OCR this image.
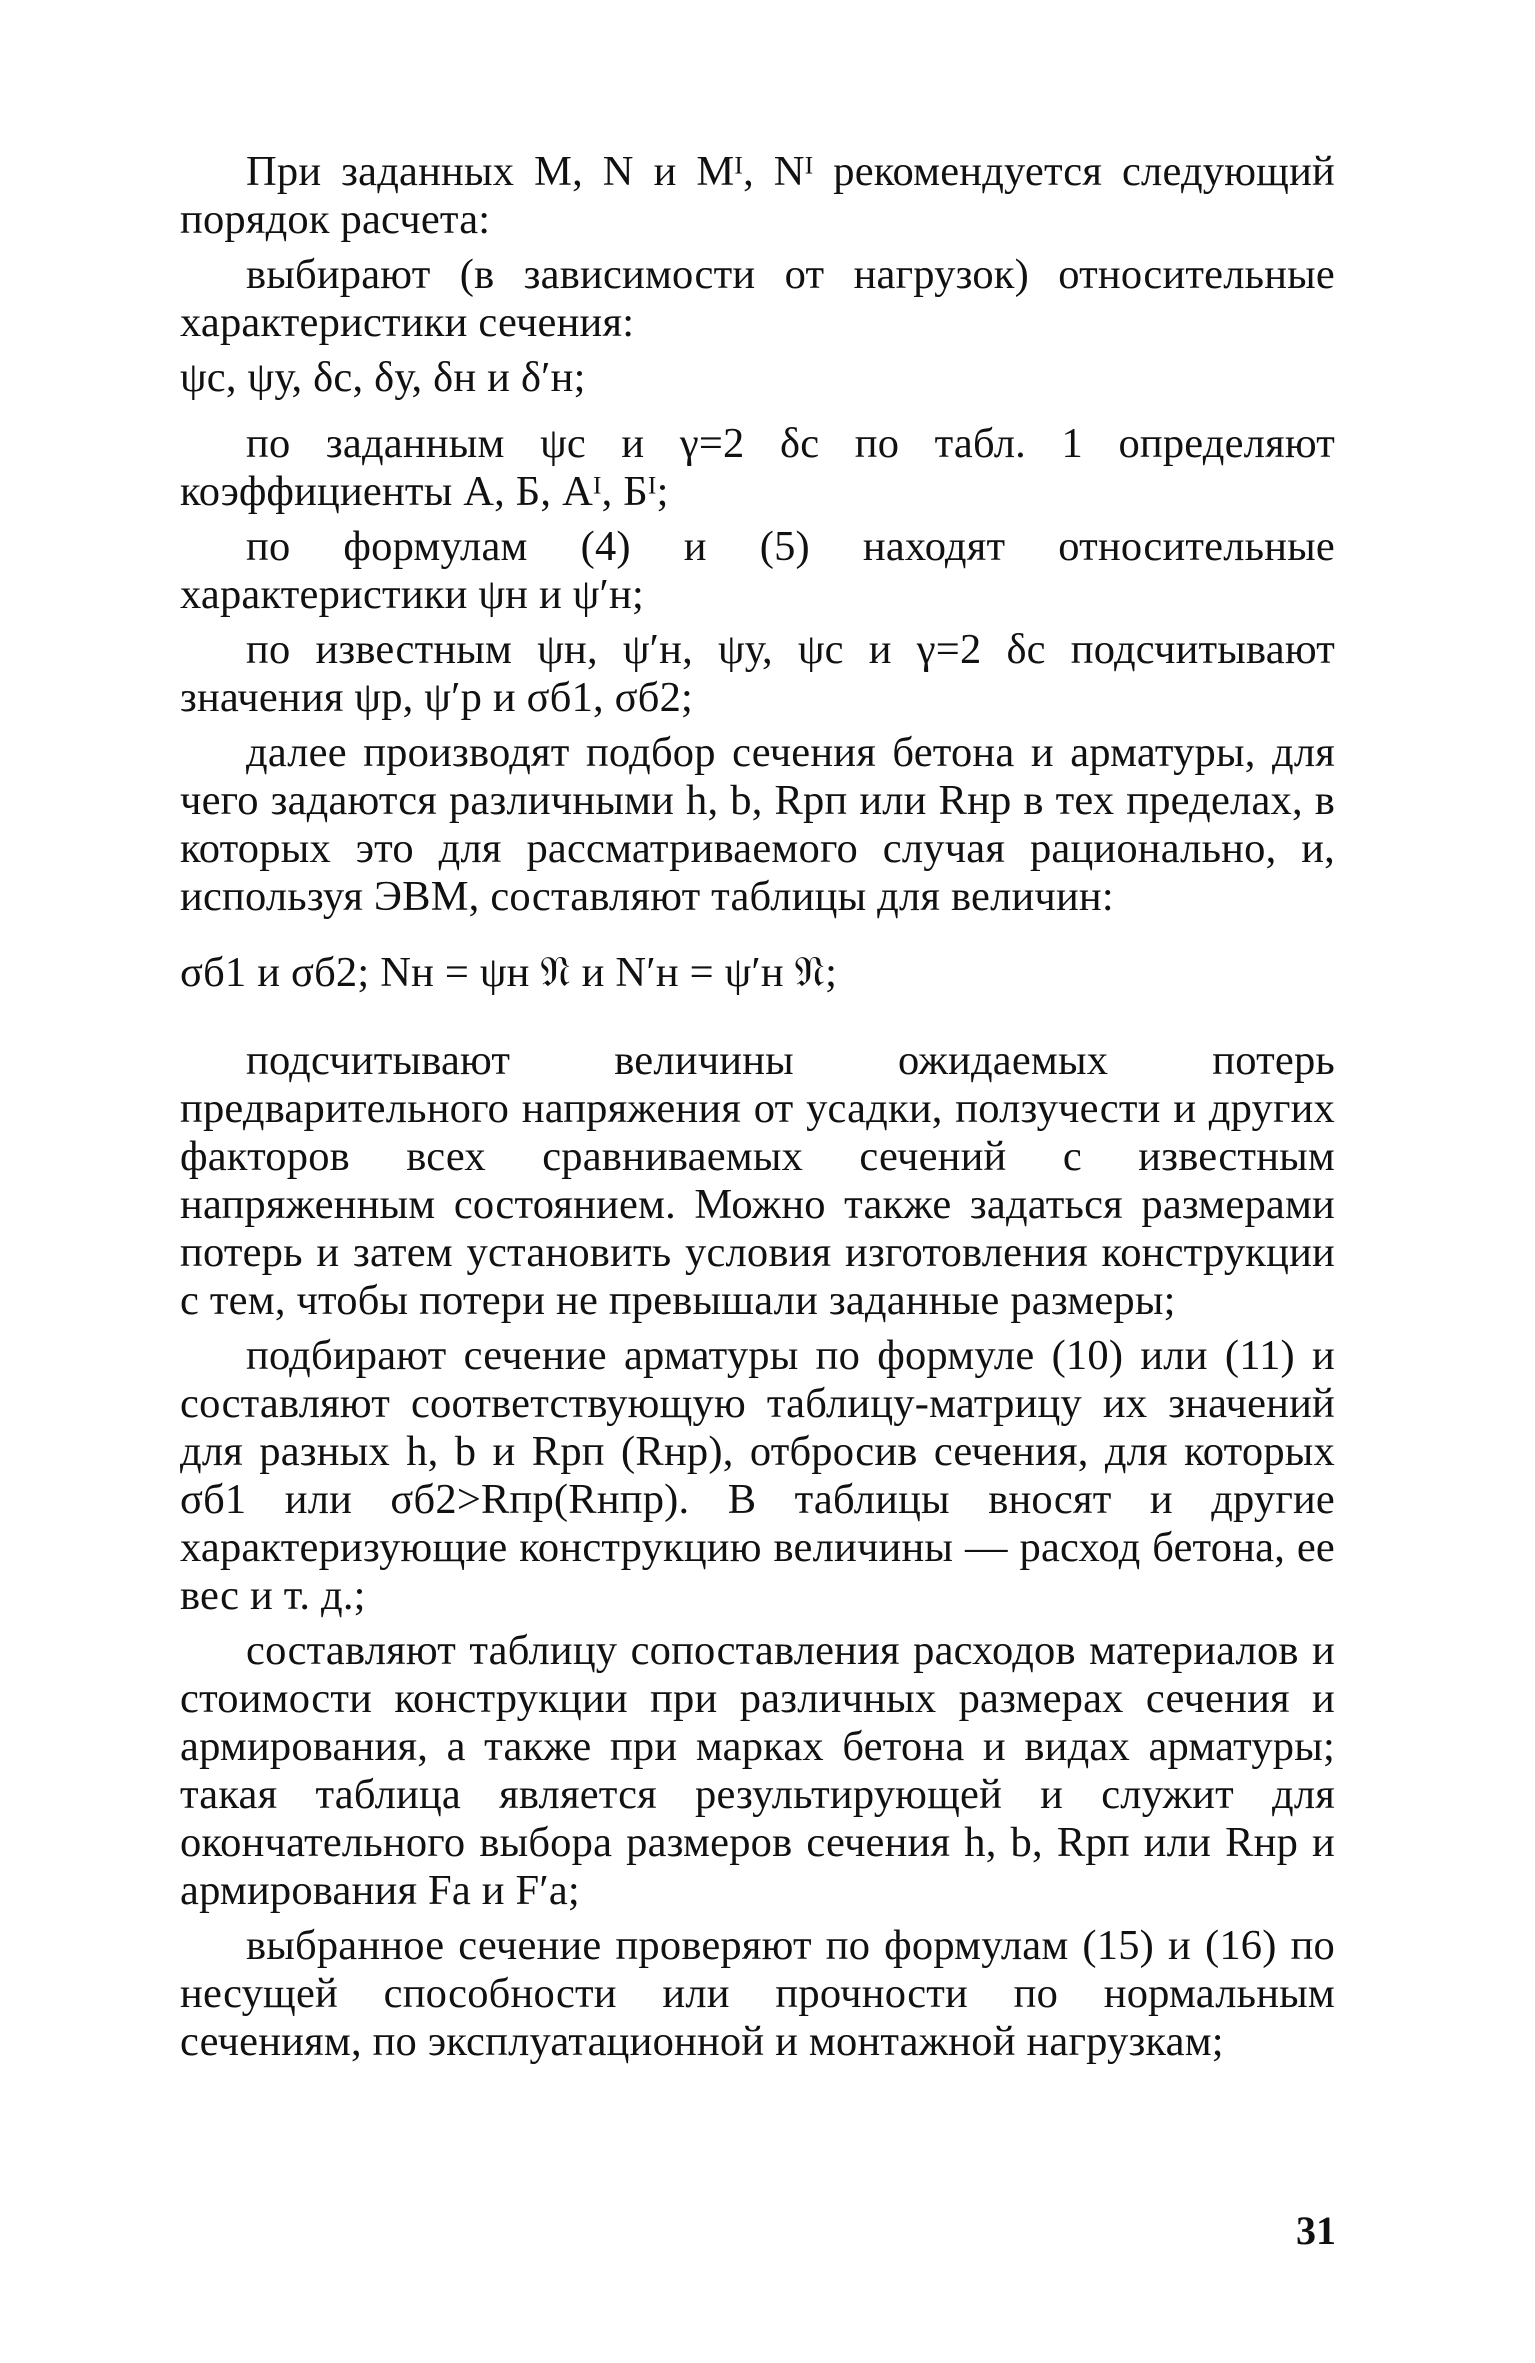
При заданных M, N и Mᴵ, Nᴵ рекомендуется следующий порядок расчета:

выбирают (в зависимости от нагрузок) относительные характеристики сечения:

ψс, ψу, δс, δу, δн и δ′н;

по заданным ψс и γ=2 δс по табл. 1 определяют коэффициенты A, Б, Aᴵ, Бᴵ;

по формулам (4) и (5) находят относительные характеристики ψн и ψ′н;

по известным ψн, ψ′н, ψу, ψс и γ=2 δс подсчитывают значения ψр, ψ′р и σб1, σб2;

далее производят подбор сечения бетона и арматуры, для чего задаются различными h, b, Rрп или Rнр в тех пределах, в которых это для рассматриваемого случая рационально, и, используя ЭВМ, составляют таблицы для величин:

σб1 и σб2; Nн = ψн 𝔑 и N′н = ψ′н 𝔑;

подсчитывают величины ожидаемых потерь предварительного напряжения от усадки, ползучести и других факторов всех сравниваемых сечений с известным напряженным состоянием. Можно также задаться размерами потерь и затем установить условия изготовления конструкции с тем, чтобы потери не превышали заданные размеры;

подбирают сечение арматуры по формуле (10) или (11) и составляют соответствующую таблицу-матрицу их значений для разных h, b и Rрп (Rнр), отбросив сечения, для которых σб1 или σб2>Rпр(Rнпр). В таблицы вносят и другие характеризующие конструкцию величины — расход бетона, ее вес и т. д.;

составляют таблицу сопоставления расходов материалов и стоимости конструкции при различных размерах сечения и армирования, а также при марках бетона и видах арматуры; такая таблица является результирующей и служит для окончательного выбора размеров сечения h, b, Rрп или Rнр и армирования Fа и F′а;

выбранное сечение проверяют по формулам (15) и (16) по несущей способности или прочности по нормальным сечениям, по эксплуатационной и монтажной нагрузкам;

31
